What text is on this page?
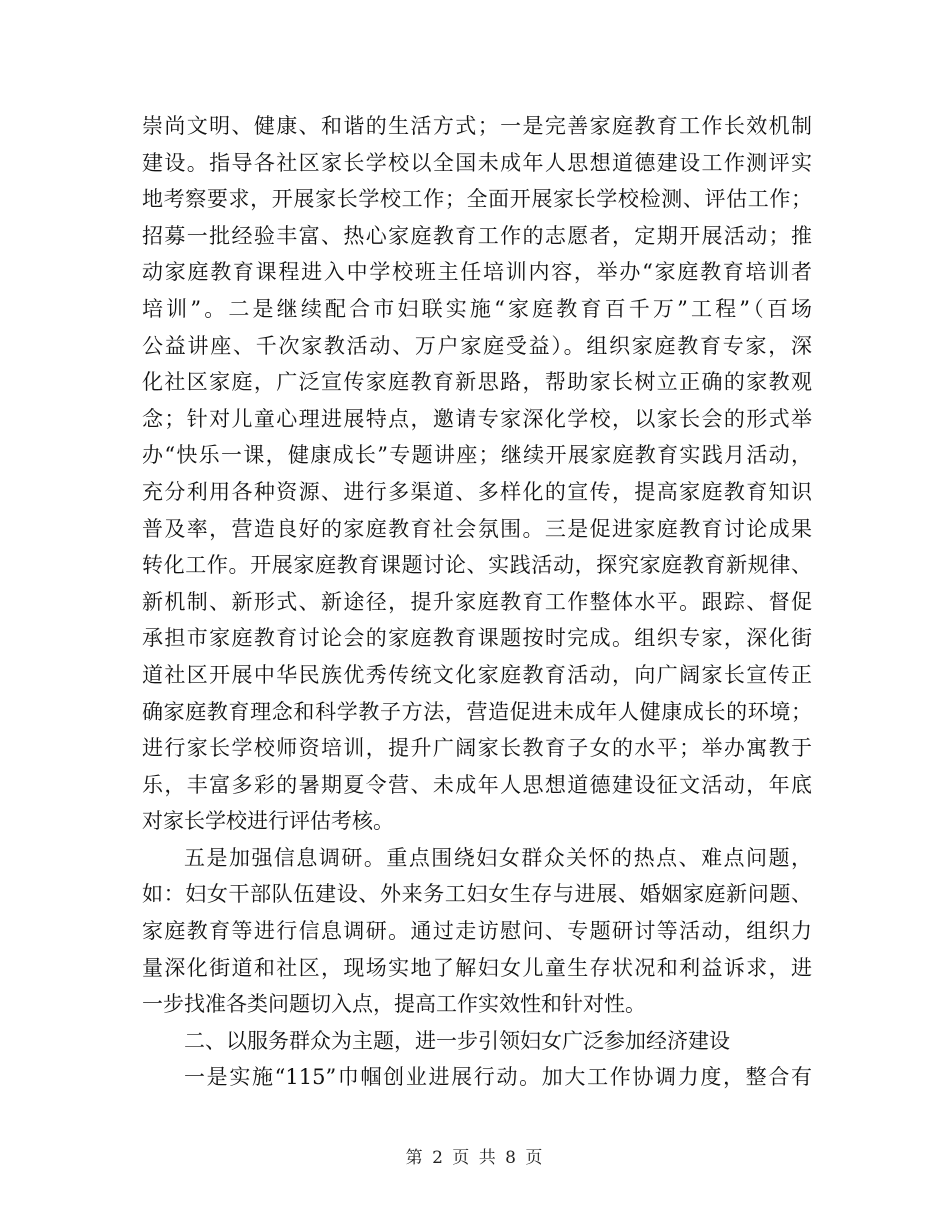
崇尚文明、健康、和谐的生活方式；一是完善家庭教育工作长效机制
建设。指导各社区家长学校以全国未成年人思想道德建设工作测评实
地考察要求，开展家长学校工作；全面开展家长学校检测、评估工作；
招募一批经验丰富、热心家庭教育工作的志愿者，定期开展活动；推
动家庭教育课程进入中学校班主任培训内容，举办“家庭教育培训者
培训”。二是继续配合市妇联实施“家庭教育百千万”工程”（百场
公益讲座、千次家教活动、万户家庭受益）。组织家庭教育专家，深
化社区家庭，广泛宣传家庭教育新思路，帮助家长树立正确的家教观
念；针对儿童心理进展特点，邀请专家深化学校，以家长会的形式举
办“快乐一课，健康成长”专题讲座；继续开展家庭教育实践月活动，
充分利用各种资源、进行多渠道、多样化的宣传，提高家庭教育知识
普及率，营造良好的家庭教育社会氛围。三是促进家庭教育讨论成果
转化工作。开展家庭教育课题讨论、实践活动，探究家庭教育新规律、
新机制、新形式、新途径，提升家庭教育工作整体水平。跟踪、督促
承担市家庭教育讨论会的家庭教育课题按时完成。组织专家，深化街
道社区开展中华民族优秀传统文化家庭教育活动，向广阔家长宣传正
确家庭教育理念和科学教子方法，营造促进未成年人健康成长的环境；
进行家长学校师资培训，提升广阔家长教育子女的水平；举办寓教于
乐，丰富多彩的暑期夏令营、未成年人思想道德建设征文活动，年底
对家长学校进行评估考核。
五是加强信息调研。重点围绕妇女群众关怀的热点、难点问题，
如：妇女干部队伍建设、外来务工妇女生存与进展、婚姻家庭新问题、
家庭教育等进行信息调研。通过走访慰问、专题研讨等活动，组织力
量深化街道和社区，现场实地了解妇女儿童生存状况和利益诉求，进
一步找准各类问题切入点，提高工作实效性和针对性。
二、以服务群众为主题，进一步引领妇女广泛参加经济建设
一是实施“115”巾帼创业进展行动。加大工作协调力度，整合有
第 2 页 共 8 页
